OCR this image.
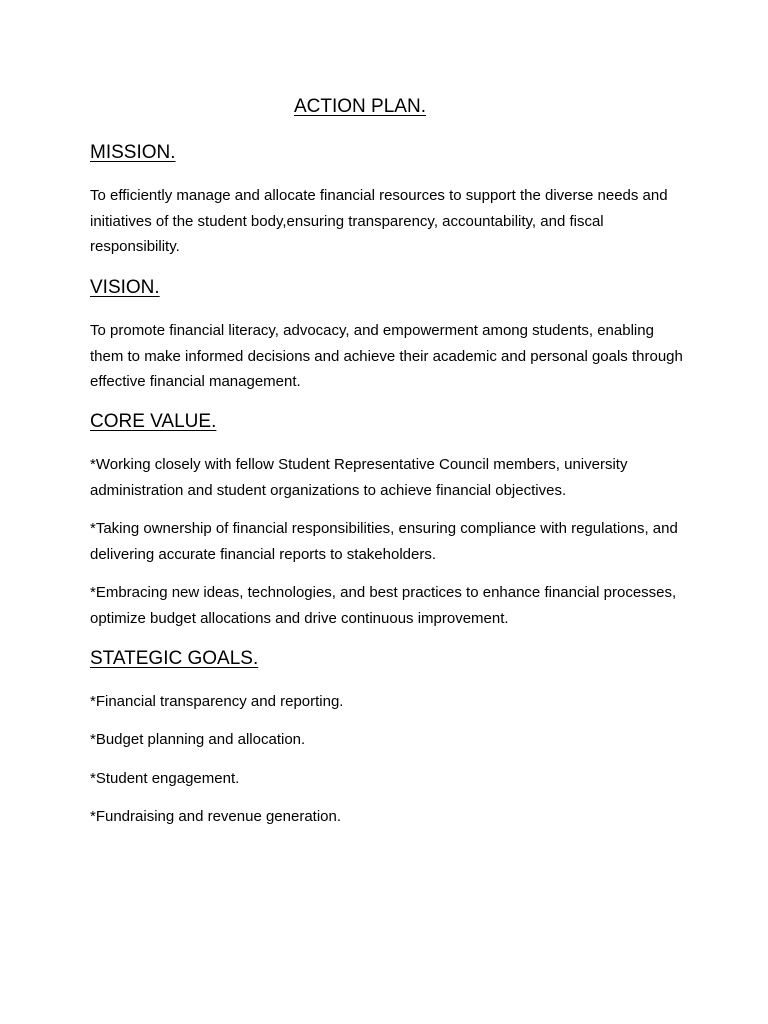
ACTION PLAN.
MISSION.

To efficiently manage and allocate financial resources to support the diverse needs and initiatives of the student body,ensuring transparency, accountability, and fiscal responsibility.

VISION.

To promote financial literacy, advocacy, and empowerment among students, enabling them to make informed decisions and achieve their academic and personal goals through effective financial management.

CORE VALUE.

*Working closely with fellow Student Representative Council members, university administration and student organizations to achieve financial objectives.

*Taking ownership of financial responsibilities, ensuring compliance with regulations, and delivering accurate financial reports to stakeholders.

*Embracing new ideas, technologies, and best practices to enhance financial processes, optimize budget allocations and drive continuous improvement.

STATEGIC GOALS.

*Financial transparency and reporting.

*Budget planning and allocation.

*Student engagement.

*Fundraising and revenue generation.
